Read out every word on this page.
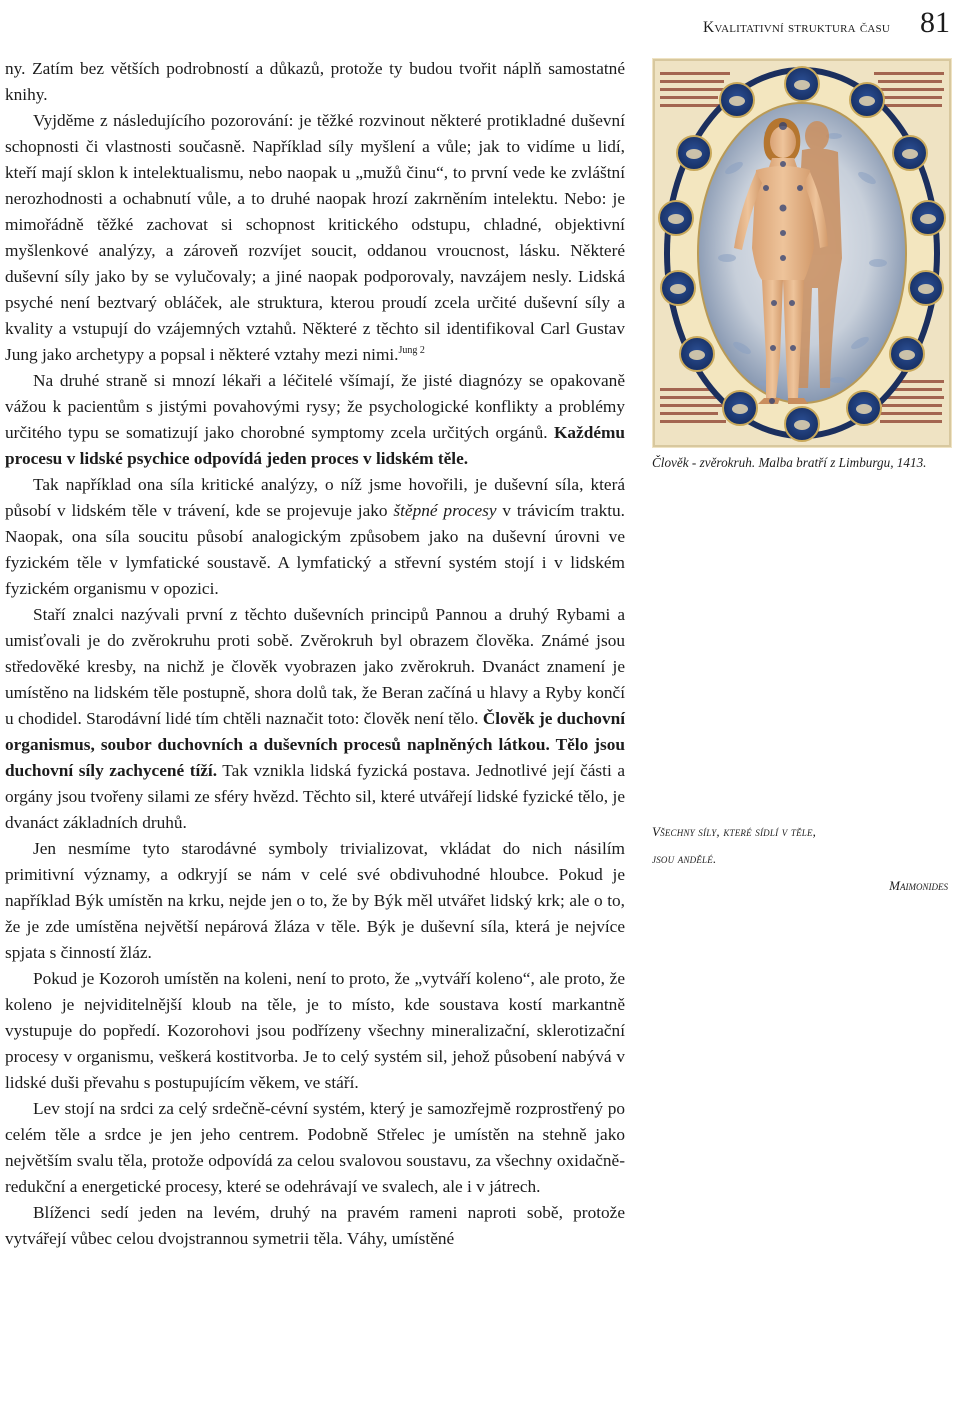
Kvalitativní struktura času 81

ny. Zatím bez větších podrobností a důkazů, protože ty budou tvořit náplň samostatné knihy.

Vyjděme z následujícího pozorování: je těžké rozvinout některé protikladné duševní schopnosti či vlastnosti současně. Například síly myšlení a vůle; jak to vidíme u lidí, kteří mají sklon k intelektualismu, nebo naopak u „mužů činu“, to první vede ke zvláštní nerozhodnosti a ochabnutí vůle, a to druhé naopak hrozí zakrněním intelektu. Nebo: je mimořádně těžké zachovat si schopnost kritického odstupu, chladné, objektivní myšlenkové analýzy, a zároveň rozvíjet soucit, oddanou vroucnost, lásku. Některé duševní síly jako by se vylučovaly; a jiné naopak podporovaly, navzájem nesly. Lidská psyché není beztvarý obláček, ale struktura, kterou proudí zcela určité duševní síly a kvality a vstupují do vzájemných vztahů. Některé z těchto sil identifikoval Carl Gustav Jung jako archetypy a popsal i některé vztahy mezi nimi.$^{Jung 2}$

Na druhé straně si mnozí lékaři a léčitelé všímají, že jisté diagnózy se opakovaně vážou k pacientům s jistými povahovými rysy; že psychologické konflikty a problémy určitého typu se somatizují jako chorobné symptomy zcela určitých orgánů. Každému procesu v lidské psychice odpovídá jeden proces v lidském těle.

Tak například ona síla kritické analýzy, o níž jsme hovořili, je duševní síla, která působí v lidském těle v trávení, kde se projevuje jako štěpné procesy v trávicím traktu. Naopak, ona síla soucitu působí analogickým způsobem jako na duševní úrovni ve fyzickém těle v lymfatické soustavě. A lymfatický a střevní systém stojí i v lidském fyzickém organismu v opozici.

Staří znalci nazývali první z těchto duševních principů Pannou a druhý Rybami a umisťovali je do zvěrokruhu proti sobě. Zvěrokruh byl obrazem člověka. Známé jsou středověké kresby, na nichž je člověk vyobrazen jako zvěrokruh. Dvanáct znamení je umístěno na lidském těle postupně, shora dolů tak, že Beran začíná u hlavy a Ryby končí u chodidel. Starodávní lidé tím chtěli naznačit toto: člověk není tělo. Člověk je duchovní organismus, soubor duchovních a duševních procesů naplněných látkou. Tělo jsou duchovní síly zachycené tíží. Tak vznikla lidská fyzická postava. Jednotlivé její části a orgány jsou tvořeny silami ze sféry hvězd. Těchto sil, které utvářejí lidské fyzické tělo, je dvanáct základních druhů.

Jen nesmíme tyto starodávné symboly trivializovat, vkládat do nich násilím primitivní významy, a odkryjí se nám v celé své obdivuhodné hloubce. Pokud je například Býk umístěn na krku, nejde jen o to, že by Býk měl utvářet lidský krk; ale o to, že je zde umístěna největší nepárová žláza v těle. Býk je duševní síla, která je nejvíce spjata s činností žláz.

Pokud je Kozoroh umístěn na koleni, není to proto, že „vytváří koleno“, ale proto, že koleno je nejviditelnější kloub na těle, je to místo, kde soustava kostí markantně vystupuje do popředí. Kozorohovi jsou podřízeny všechny mineralizační, sklerotizační procesy v organismu, veškerá kostitvorba. Je to celý systém sil, jehož působení nabývá v lidské duši převahu s postupujícím věkem, ve stáří.

Lev stojí na srdci za celý srdečně-cévní systém, který je samozřejmě rozprostřený po celém těle a srdce je jen jeho centrem. Podobně Střelec je umístěn na stehně jako největším svalu těla, protože odpovídá za celou svalovou soustavu, za všechny oxidačně-redukční a energetické procesy, které se odehrávají ve svalech, ale i v játrech.

Blíženci sedí jeden na levém, druhý na pravém rameni naproti sobě, protože vytvářejí vůbec celou dvojstrannou symetrii těla. Váhy, umístěné

Člověk - zvěrokruh. Malba bratří z Limburgu, 1413.
Všechny síly, které sídlí v těle,
jsou andělé.
Maimonides
